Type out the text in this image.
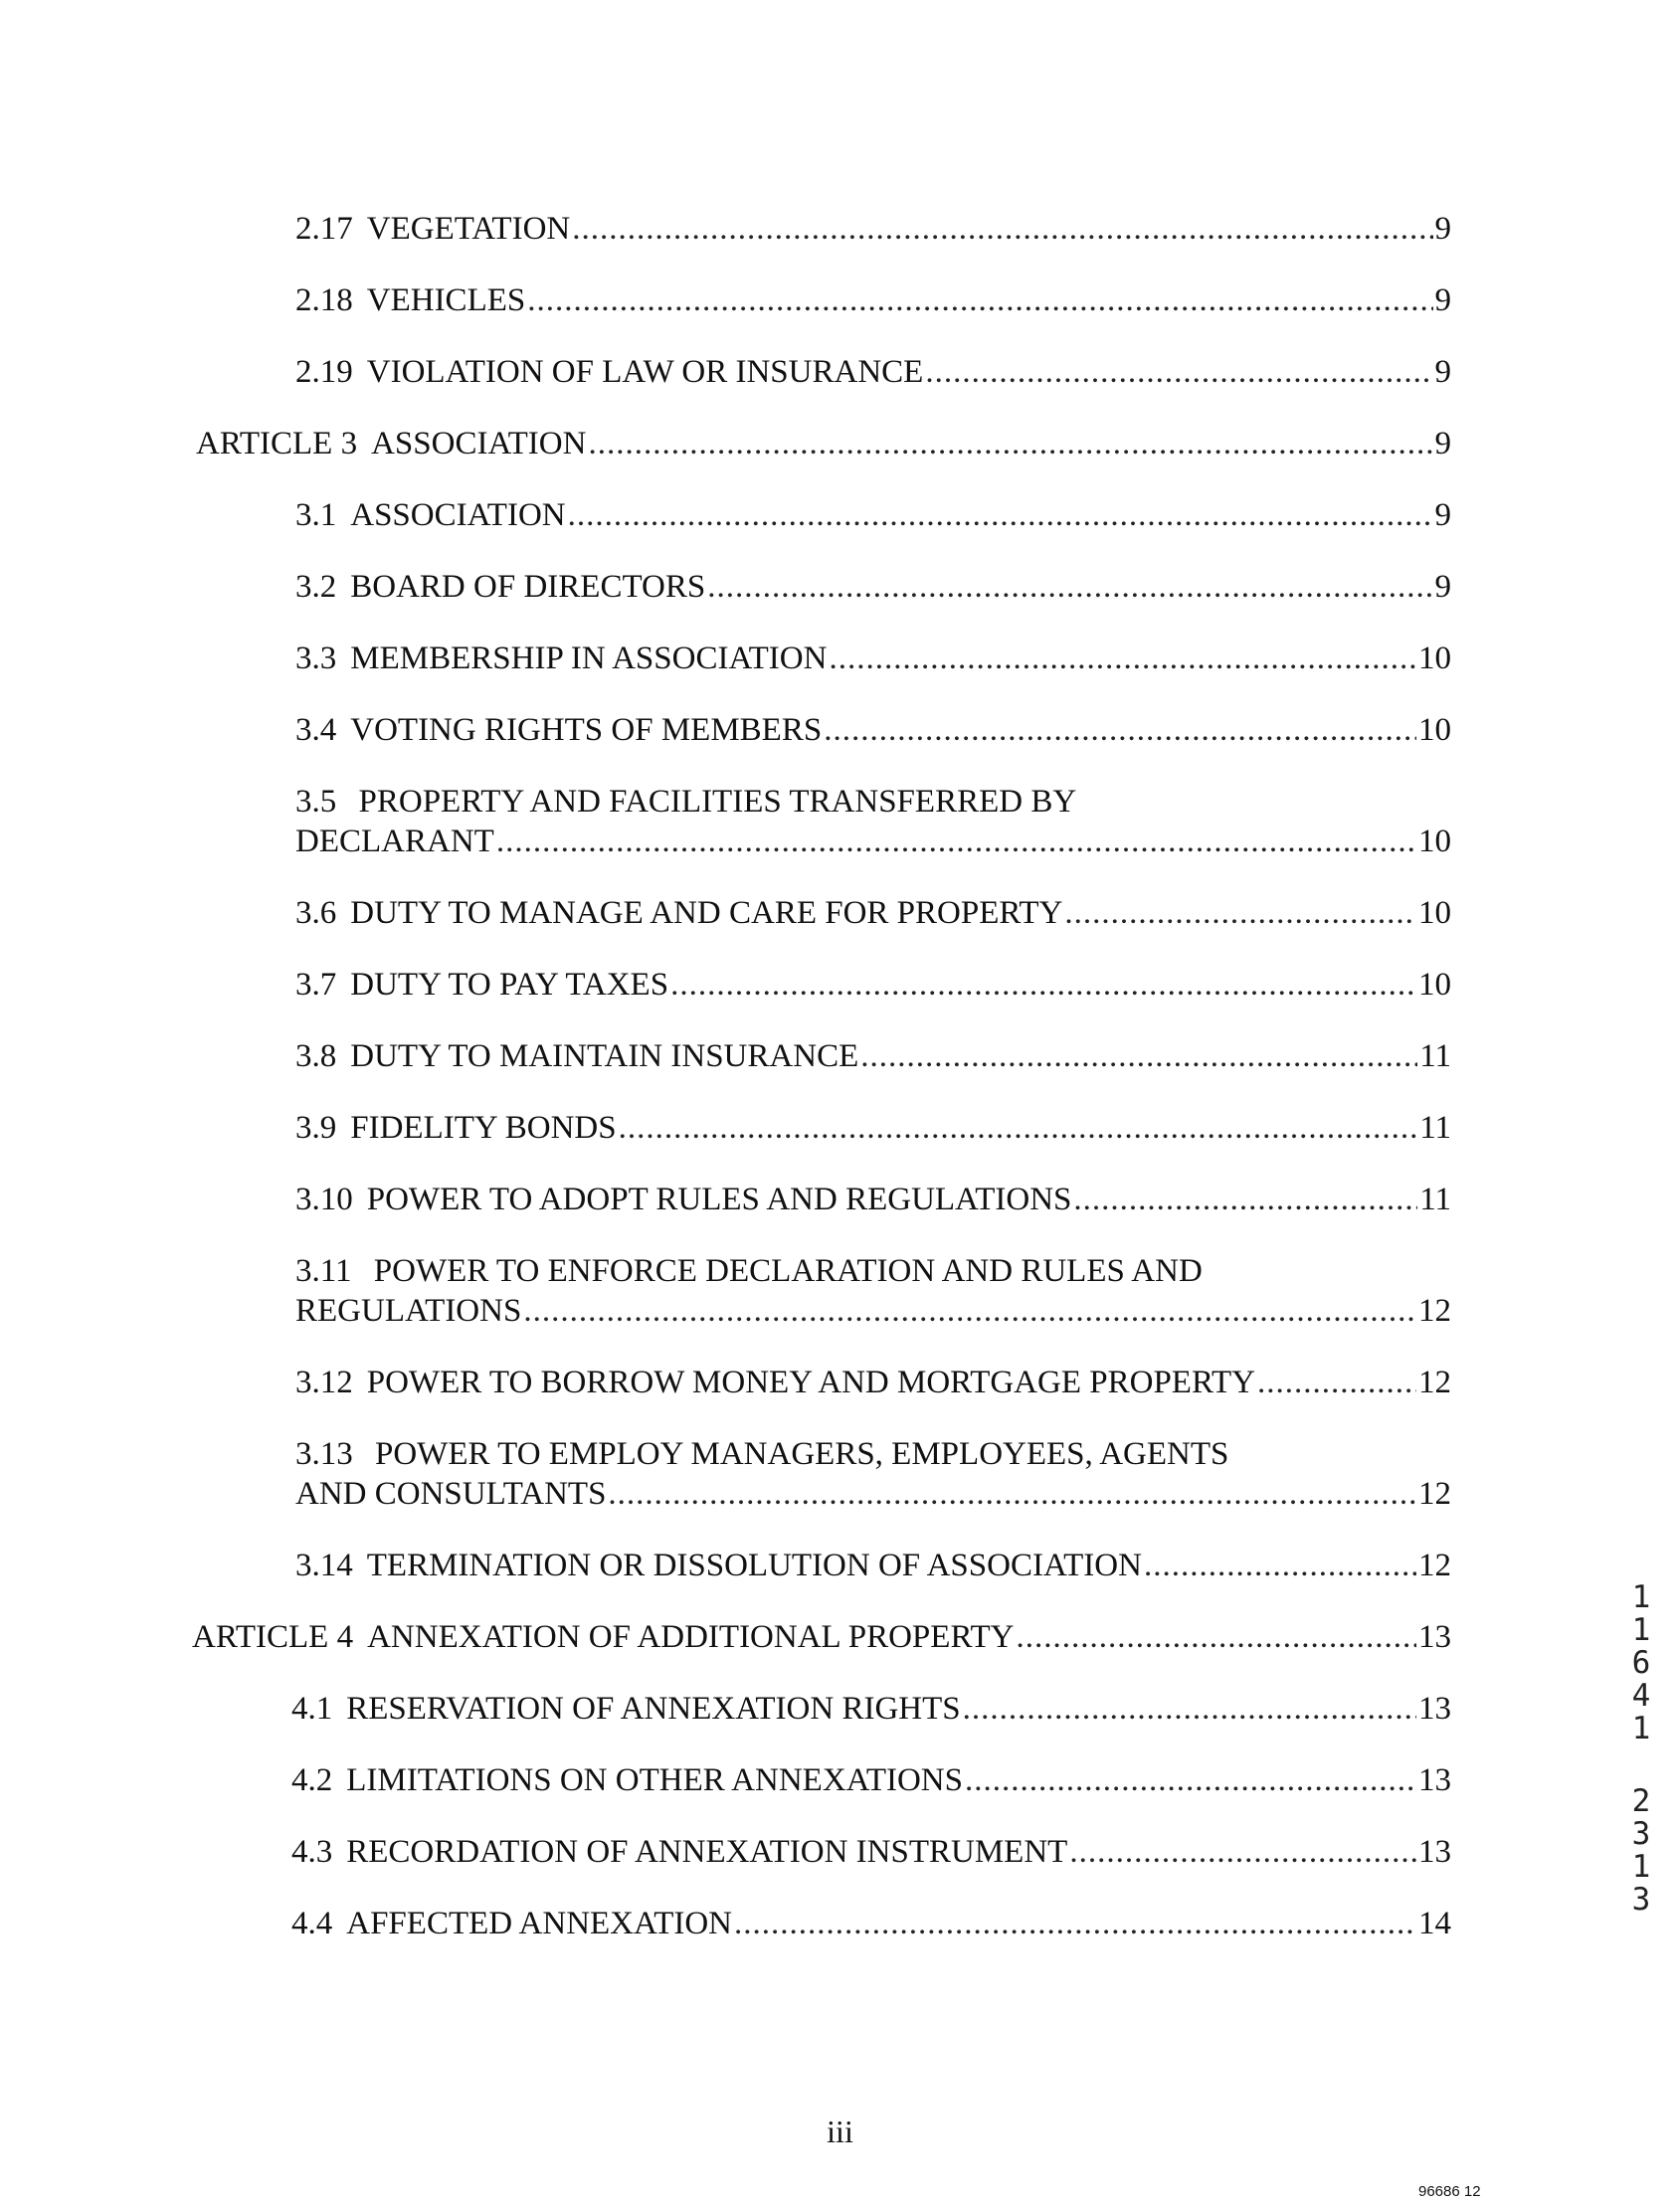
2.17 VEGETATION .....	9
2.18 VEHICLES .....	9
2.19 VIOLATION OF LAW OR INSURANCE .....	9
ARTICLE 3 ASSOCIATION .....	9
3.1 ASSOCIATION .....	9
3.2 BOARD OF DIRECTORS .....	9
3.3 MEMBERSHIP IN ASSOCIATION .....	10
3.4 VOTING RIGHTS OF MEMBERS .....	10
3.5 PROPERTY AND FACILITIES TRANSFERRED BY
DECLARANT .....	10
3.6 DUTY TO MANAGE AND CARE FOR PROPERTY .....	10
3.7 DUTY TO PAY TAXES .....	10
3.8 DUTY TO MAINTAIN INSURANCE .....	11
3.9 FIDELITY BONDS .....	11
3.10 POWER TO ADOPT RULES AND REGULATIONS .....	11
3.11 POWER TO ENFORCE DECLARATION AND RULES AND
REGULATIONS .....	12
3.12 POWER TO BORROW MONEY AND MORTGAGE PROPERTY .....	12
3.13 POWER TO EMPLOY MANAGERS, EMPLOYEES, AGENTS
AND CONSULTANTS .....	12
3.14 TERMINATION OR DISSOLUTION OF ASSOCIATION .....	12
ARTICLE 4 ANNEXATION OF ADDITIONAL PROPERTY .....	13
4.1 RESERVATION OF ANNEXATION RIGHTS .....	13
4.2 LIMITATIONS ON OTHER ANNEXATIONS .....	13
4.3 RECORDATION OF ANNEXATION INSTRUMENT .....	13
4.4 AFFECTED ANNEXATION .....	14
iii
96686 12
1
1
6
4
1
2
3
1
3
